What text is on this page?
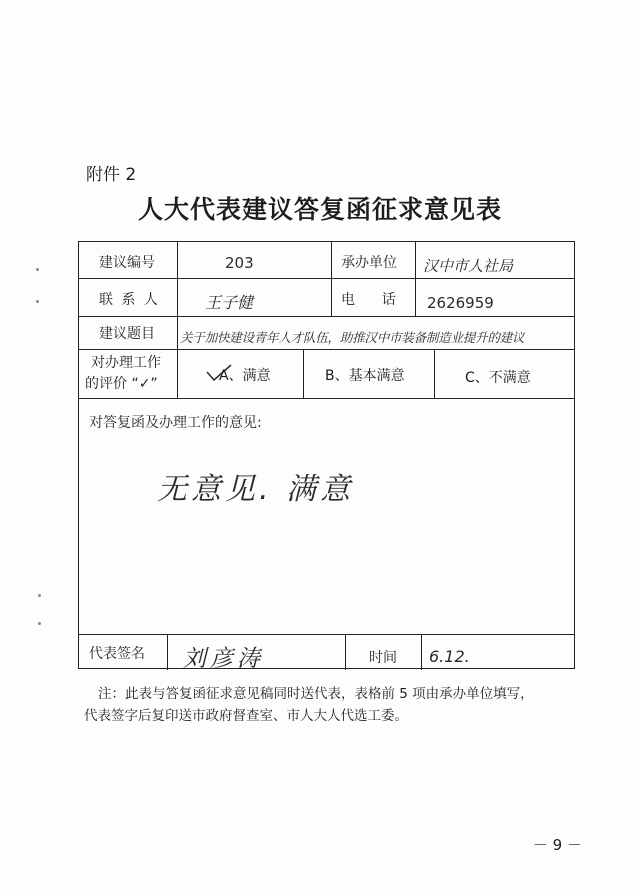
附件 2
人大代表建议答复函征求意见表
建议编号	203	承办单位 汉中市人社局
联 系 人	王子健	电      话 2626959
建议题目 关于加快建设青年人才队伍，助推汉中市装备制造业提升的建议
对办理工作
的评价 “✓”	A、满意	B、基本满意	C、不满意
对答复函及办理工作的意见:
无意见. 满意
代表签名 刘彦涛	时间 6.12.
注：此表与答复函征求意见稿同时送代表，表格前 5 项由承办单位填写，
代表签字后复印送市政府督查室、市人大人代选工委。
－ 9 －
